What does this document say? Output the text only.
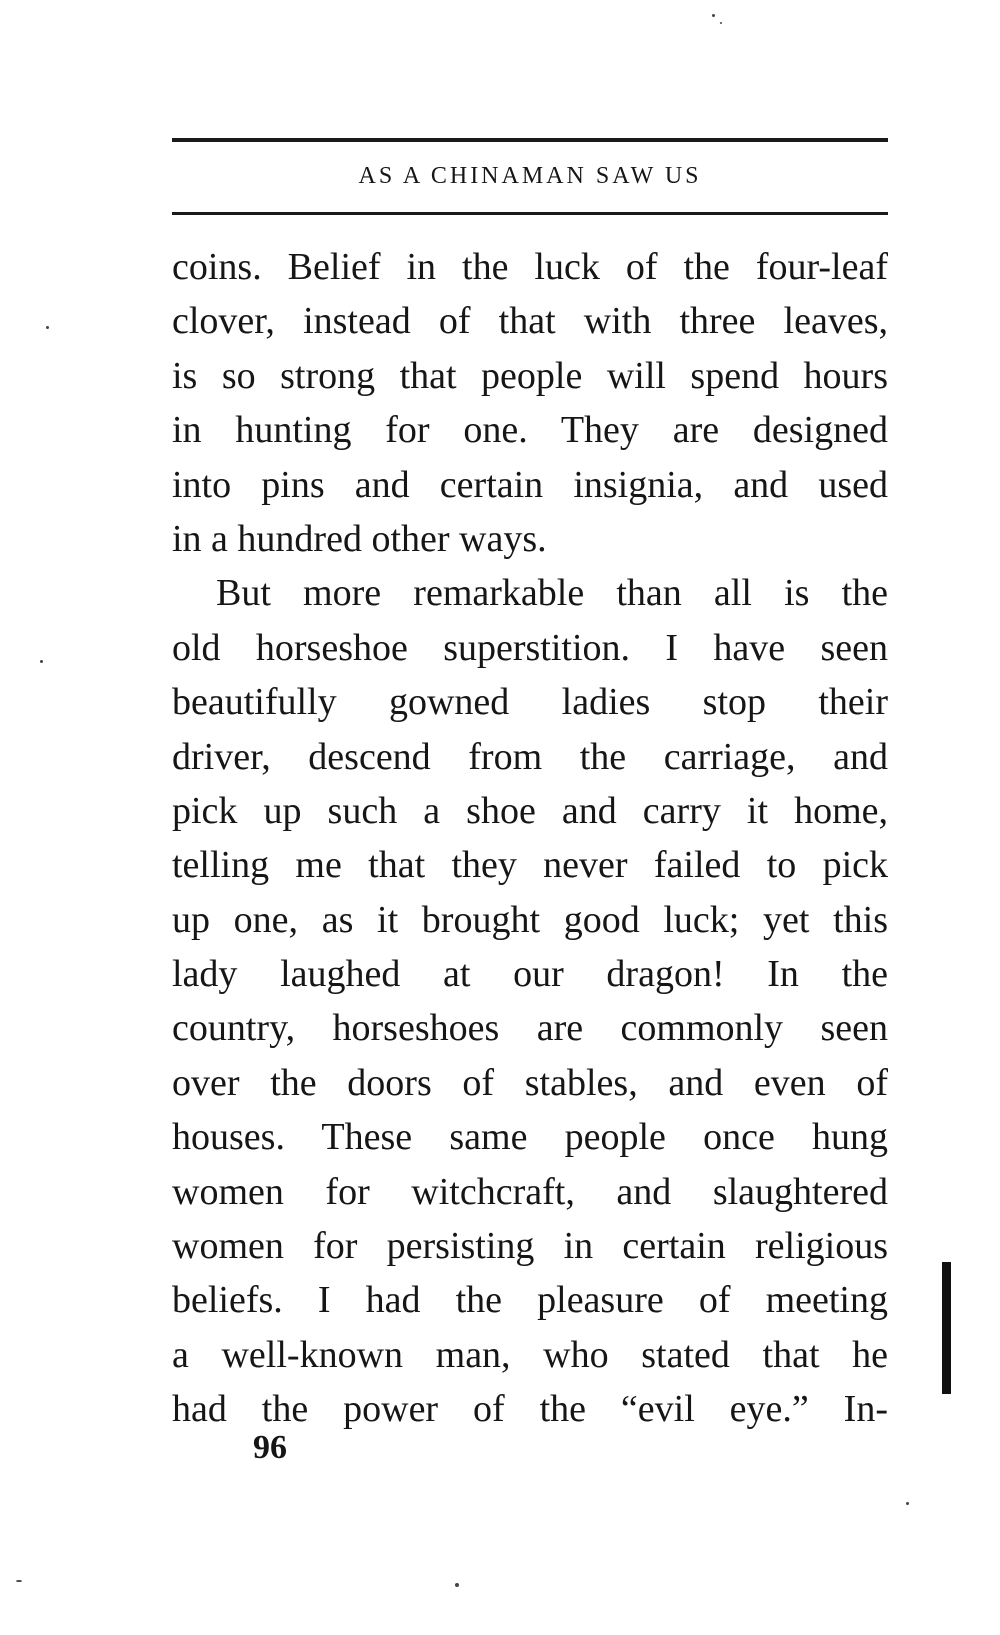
AS A CHINAMAN SAW US
coins. Belief in the luck of the four-leaf
clover, instead of that with three leaves,
is so strong that people will spend hours
in hunting for one. They are designed
into pins and certain insignia, and used
in a hundred other ways.
But more remarkable than all is the
old horseshoe superstition. I have seen
beautifully gowned ladies stop their
driver, descend from the carriage, and
pick up such a shoe and carry it home,
telling me that they never failed to pick
up one, as it brought good luck; yet this
lady laughed at our dragon! In the
country, horseshoes are commonly seen
over the doors of stables, and even of
houses. These same people once hung
women for witchcraft, and slaughtered
women for persisting in certain religious
beliefs. I had the pleasure of meeting
a well-known man, who stated that he
had the power of the “evil eye.” In-
96
